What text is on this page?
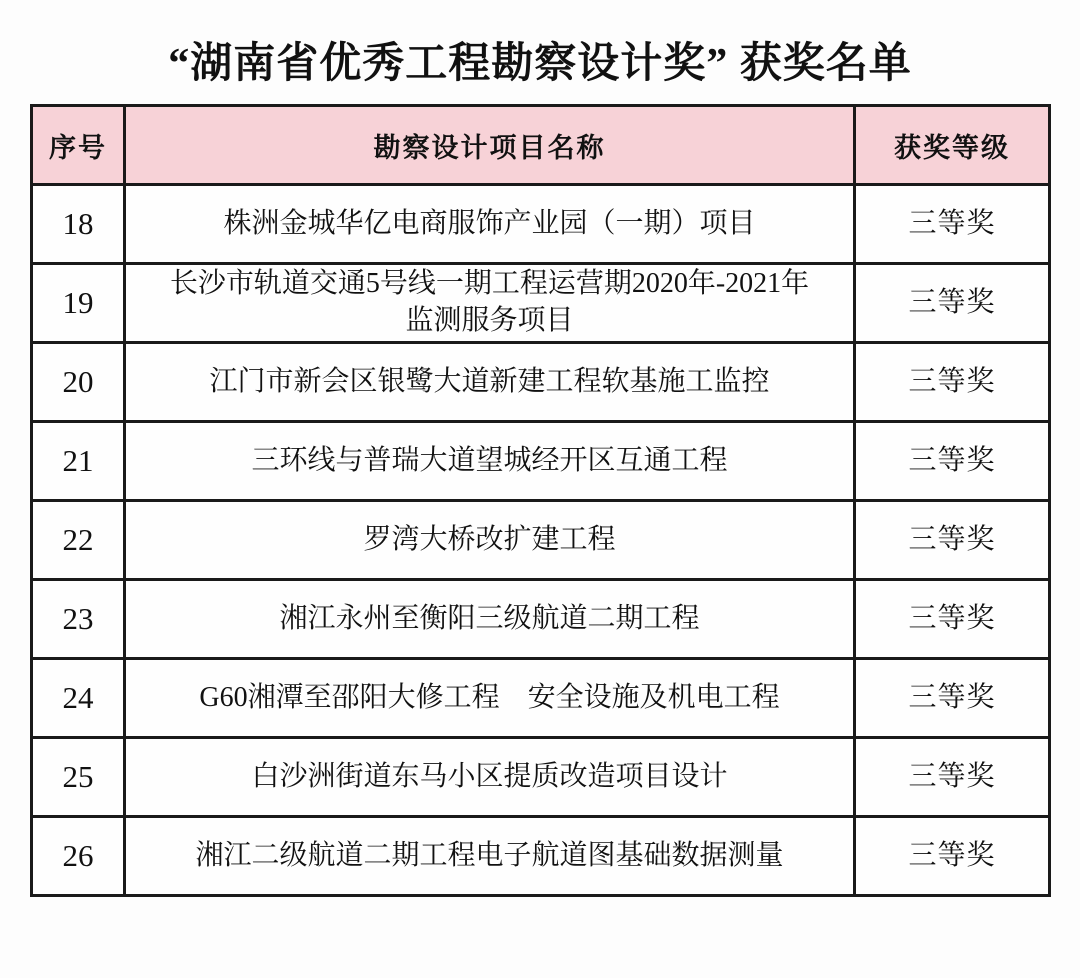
“湖南省优秀工程勘察设计奖” 获奖名单
序号	勘察设计项目名称	获奖等级
18	株洲金城华亿电商服饰产业园（一期）项目	三等奖
19	长沙市轨道交通5号线一期工程运营期2020年-2021年监测服务项目	三等奖
20	江门市新会区银鹭大道新建工程软基施工监控	三等奖
21	三环线与普瑞大道望城经开区互通工程	三等奖
22	罗湾大桥改扩建工程	三等奖
23	湘江永州至衡阳三级航道二期工程	三等奖
24	G60湘潭至邵阳大修工程　安全设施及机电工程	三等奖
25	白沙洲街道东马小区提质改造项目设计	三等奖
26	湘江二级航道二期工程电子航道图基础数据测量	三等奖
